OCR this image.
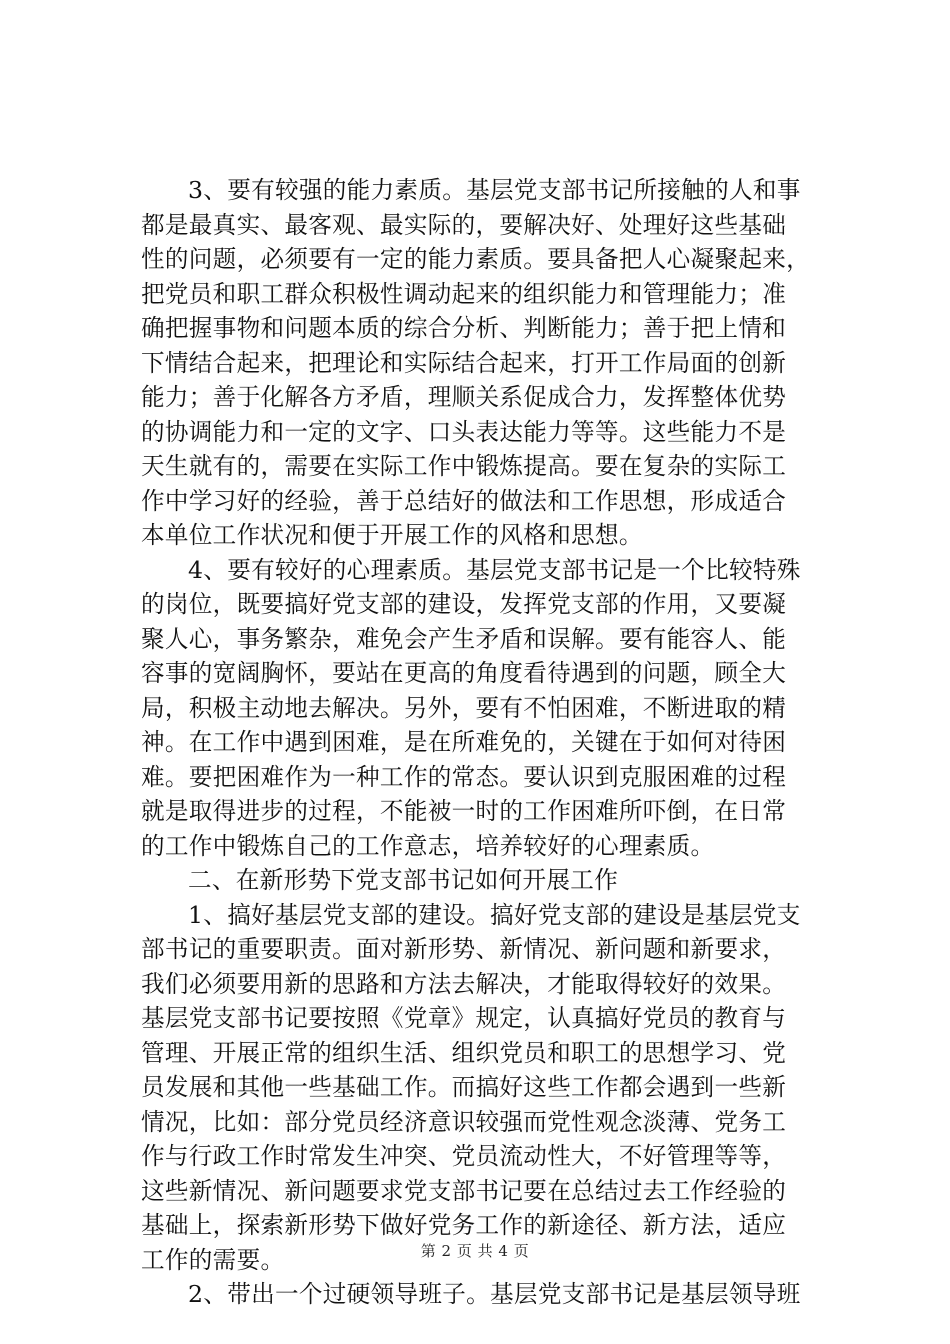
3、要有较强的能力素质。基层党支部书记所接触的人和事
都是最真实、最客观、最实际的，要解决好、处理好这些基础
性的问题，必须要有一定的能力素质。要具备把人心凝聚起来，
把党员和职工群众积极性调动起来的组织能力和管理能力；准
确把握事物和问题本质的综合分析、判断能力；善于把上情和
下情结合起来，把理论和实际结合起来，打开工作局面的创新
能力；善于化解各方矛盾，理顺关系促成合力，发挥整体优势
的协调能力和一定的文字、口头表达能力等等。这些能力不是
天生就有的，需要在实际工作中锻炼提高。要在复杂的实际工
作中学习好的经验，善于总结好的做法和工作思想，形成适合
本单位工作状况和便于开展工作的风格和思想。
4、要有较好的心理素质。基层党支部书记是一个比较特殊
的岗位，既要搞好党支部的建设，发挥党支部的作用，又要凝
聚人心，事务繁杂，难免会产生矛盾和误解。要有能容人、能
容事的宽阔胸怀，要站在更高的角度看待遇到的问题，顾全大
局，积极主动地去解决。另外，要有不怕困难，不断进取的精
神。在工作中遇到困难，是在所难免的，关键在于如何对待困
难。要把困难作为一种工作的常态。要认识到克服困难的过程
就是取得进步的过程，不能被一时的工作困难所吓倒，在日常
的工作中锻炼自己的工作意志，培养较好的心理素质。
二、在新形势下党支部书记如何开展工作
1、搞好基层党支部的建设。搞好党支部的建设是基层党支
部书记的重要职责。面对新形势、新情况、新问题和新要求，
我们必须要用新的思路和方法去解决，才能取得较好的效果。
基层党支部书记要按照《党章》规定，认真搞好党员的教育与
管理、开展正常的组织生活、组织党员和职工的思想学习、党
员发展和其他一些基础工作。而搞好这些工作都会遇到一些新
情况，比如：部分党员经济意识较强而党性观念淡薄、党务工
作与行政工作时常发生冲突、党员流动性大，不好管理等等，
这些新情况、新问题要求党支部书记要在总结过去工作经验的
基础上，探索新形势下做好党务工作的新途径、新方法，适应
工作的需要。
2、带出一个过硬领导班子。基层党支部书记是基层领导班
第 2 页 共 4 页
